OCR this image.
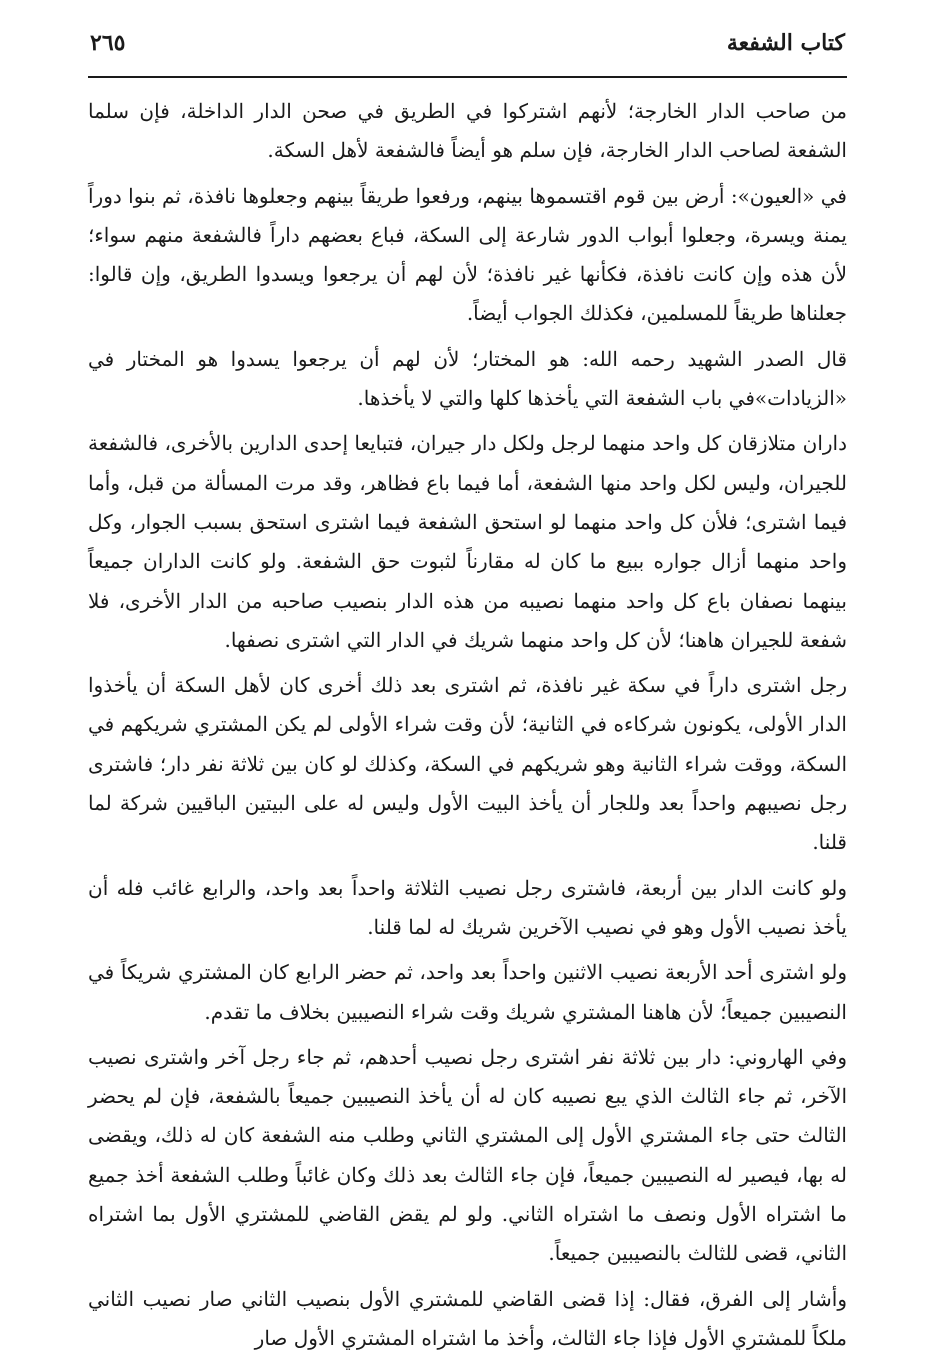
كتاب الشفعة
٢٦٥

من صاحب الدار الخارجة؛ لأنهم اشتركوا في الطريق في صحن الدار الداخلة، فإن سلما الشفعة لصاحب الدار الخارجة، فإن سلم هو أيضاً فالشفعة لأهل السكة.

في «العيون»: أرض بين قوم اقتسموها بينهم، ورفعوا طريقاً بينهم وجعلوها نافذة، ثم بنوا دوراً يمنة ويسرة، وجعلوا أبواب الدور شارعة إلى السكة، فباع بعضهم داراً فالشفعة منهم سواء؛ لأن هذه وإن كانت نافذة، فكأنها غير نافذة؛ لأن لهم أن يرجعوا ويسدوا الطريق، وإن قالوا: جعلناها طريقاً للمسلمين، فكذلك الجواب أيضاً.

قال الصدر الشهيد رحمه الله: هو المختار؛ لأن لهم أن يرجعوا يسدوا هو المختار في «الزيادات»في باب الشفعة التي يأخذها كلها والتي لا يأخذها.

داران متلازقان كل واحد منهما لرجل ولكل دار جيران، فتبايعا إحدى الدارين بالأخرى، فالشفعة للجيران، وليس لكل واحد منها الشفعة، أما فيما باع فظاهر، وقد مرت المسألة من قبل، وأما فيما اشترى؛ فلأن كل واحد منهما لو استحق الشفعة فيما اشترى استحق بسبب الجوار، وكل واحد منهما أزال جواره ببيع ما كان له مقارناً لثبوت حق الشفعة. ولو كانت الداران جميعاً بينهما نصفان باع كل واحد منهما نصيبه من هذه الدار بنصيب صاحبه من الدار الأخرى، فلا شفعة للجيران هاهنا؛ لأن كل واحد منهما شريك في الدار التي اشترى نصفها.

رجل اشترى داراً في سكة غير نافذة، ثم اشترى بعد ذلك أخرى كان لأهل السكة أن يأخذوا الدار الأولى، يكونون شركاءه في الثانية؛ لأن وقت شراء الأولى لم يكن المشتري شريكهم في السكة، ووقت شراء الثانية وهو شريكهم في السكة، وكذلك لو كان بين ثلاثة نفر دار؛ فاشترى رجل نصيبهم واحداً بعد وللجار أن يأخذ البيت الأول وليس له على البيتين الباقيين شركة لما قلنا.

ولو كانت الدار بين أربعة، فاشترى رجل نصيب الثلاثة واحداً بعد واحد، والرابع غائب فله أن يأخذ نصيب الأول وهو في نصيب الآخرين شريك له لما قلنا.

ولو اشترى أحد الأربعة نصيب الاثنين واحداً بعد واحد، ثم حضر الرابع كان المشتري شريكاً في النصيبين جميعاً؛ لأن هاهنا المشتري شريك وقت شراء النصيبين بخلاف ما تقدم.

وفي الهاروني: دار بين ثلاثة نفر اشترى رجل نصيب أحدهم، ثم جاء رجل آخر واشترى نصيب الآخر، ثم جاء الثالث الذي يبع نصيبه كان له أن يأخذ النصيبين جميعاً بالشفعة، فإن لم يحضر الثالث حتى جاء المشتري الأول إلى المشتري الثاني وطلب منه الشفعة كان له ذلك، ويقضى له بها، فيصير له النصيبين جميعاً، فإن جاء الثالث بعد ذلك وكان غائباً وطلب الشفعة أخذ جميع ما اشتراه الأول ونصف ما اشتراه الثاني. ولو لم يقض القاضي للمشتري الأول بما اشتراه الثاني، قضى للثالث بالنصيبين جميعاً.

وأشار إلى الفرق، فقال: إذا قضى القاضي للمشتري الأول بنصيب الثاني صار نصيب الثاني ملكاً للمشتري الأول فإذا جاء الثالث، وأخذ ما اشتراه المشتري الأول صار
